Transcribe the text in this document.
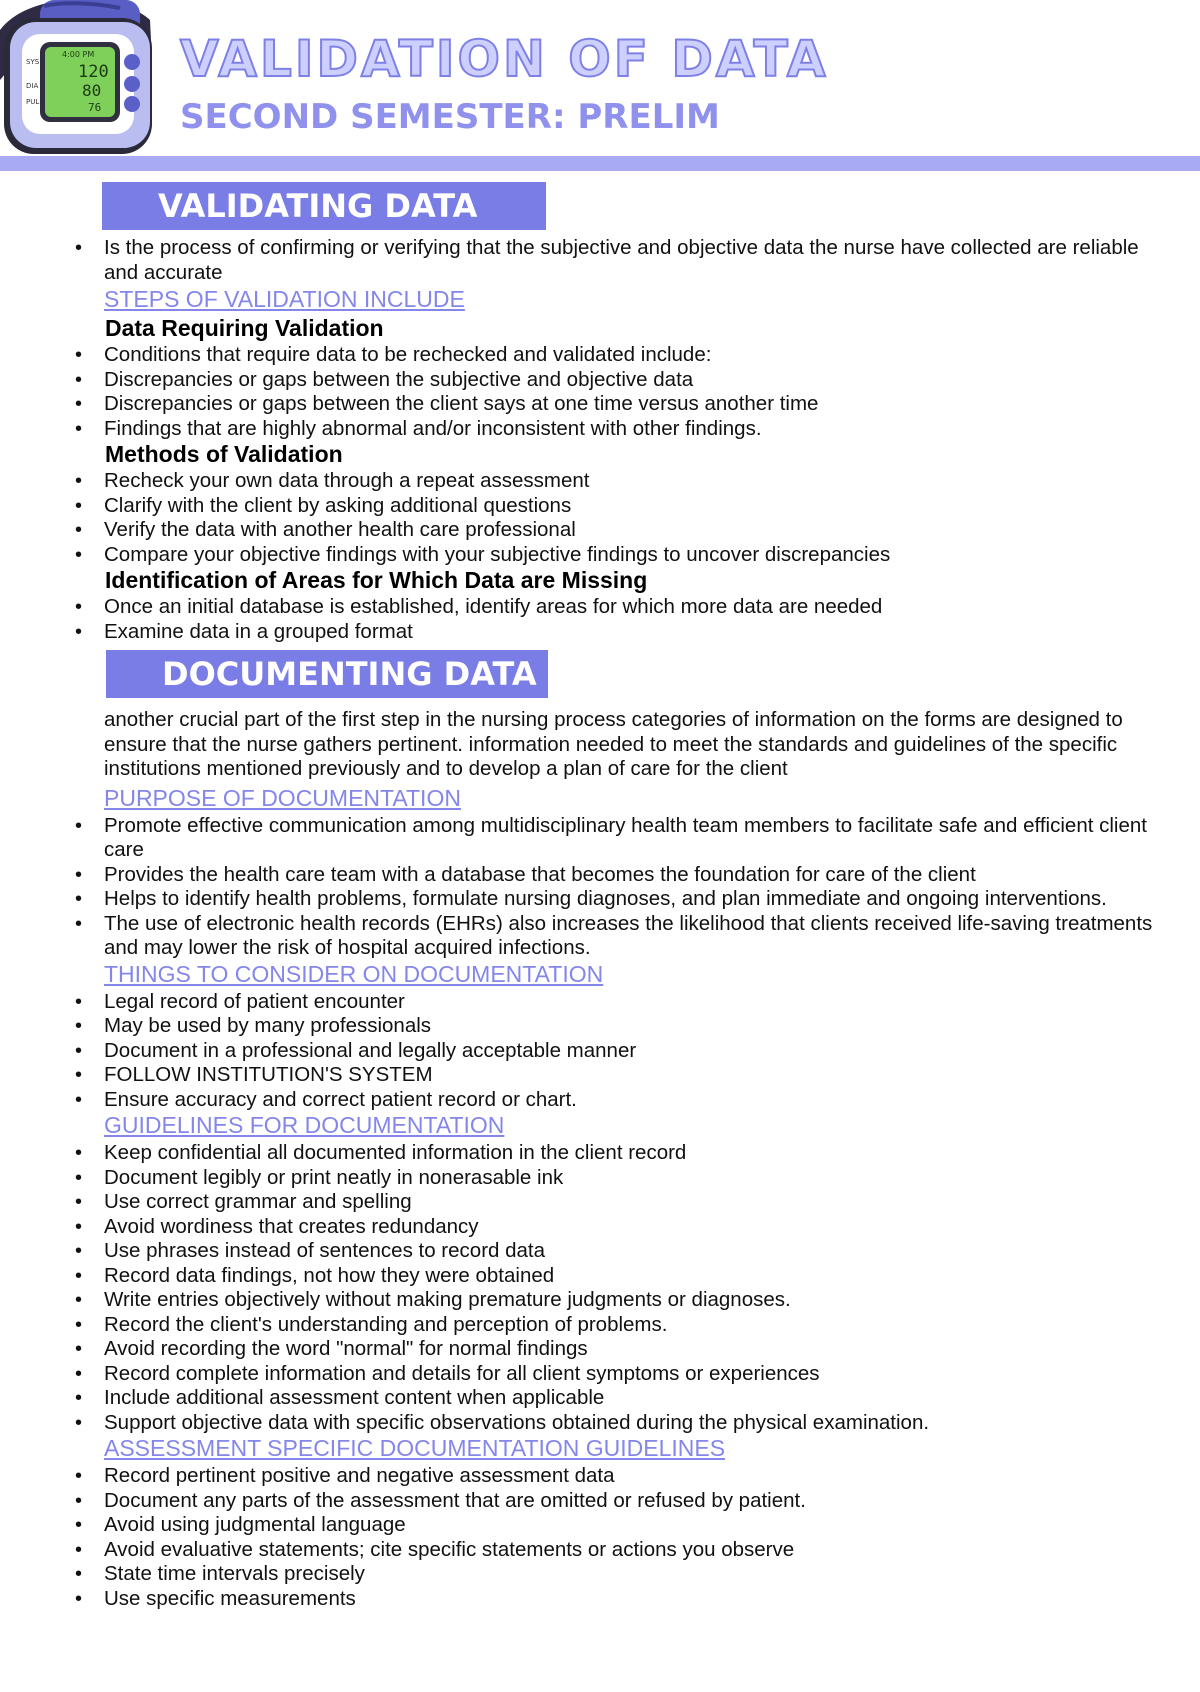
4:00 PM
120
80
76
SYS
DIA
PUL
VALIDATION OF DATA
SECOND SEMESTER: PRELIM
VALIDATING DATA
• Is the process of confirming or verifying that the subjective and objective data the nurse have collected are reliable and accurate
STEPS OF VALIDATION INCLUDE
Data Requiring Validation
• Conditions that require data to be rechecked and validated include:
• Discrepancies or gaps between the subjective and objective data
• Discrepancies or gaps between the client says at one time versus another time
• Findings that are highly abnormal and/or inconsistent with other findings.
Methods of Validation
• Recheck your own data through a repeat assessment
• Clarify with the client by asking additional questions
• Verify the data with another health care professional
• Compare your objective findings with your subjective findings to uncover discrepancies
Identification of Areas for Which Data are Missing
• Once an initial database is established, identify areas for which more data are needed
• Examine data in a grouped format
DOCUMENTING DATA
another crucial part of the first step in the nursing process categories of information on the forms are designed to ensure that the nurse gathers pertinent. information needed to meet the standards and guidelines of the specific institutions mentioned previously and to develop a plan of care for the client
PURPOSE OF DOCUMENTATION
• Promote effective communication among multidisciplinary health team members to facilitate safe and efficient client care
• Provides the health care team with a database that becomes the foundation for care of the client
• Helps to identify health problems, formulate nursing diagnoses, and plan immediate and ongoing interventions.
• The use of electronic health records (EHRs) also increases the likelihood that clients received life-saving treatments and may lower the risk of hospital acquired infections.
THINGS TO CONSIDER ON DOCUMENTATION
• Legal record of patient encounter
• May be used by many professionals
• Document in a professional and legally acceptable manner
• FOLLOW INSTITUTION'S SYSTEM
• Ensure accuracy and correct patient record or chart.
GUIDELINES FOR DOCUMENTATION
• Keep confidential all documented information in the client record
• Document legibly or print neatly in nonerasable ink
• Use correct grammar and spelling
• Avoid wordiness that creates redundancy
• Use phrases instead of sentences to record data
• Record data findings, not how they were obtained
• Write entries objectively without making premature judgments or diagnoses.
• Record the client's understanding and perception of problems.
• Avoid recording the word "normal" for normal findings
• Record complete information and details for all client symptoms or experiences
• Include additional assessment content when applicable
• Support objective data with specific observations obtained during the physical examination.
ASSESSMENT SPECIFIC DOCUMENTATION GUIDELINES
• Record pertinent positive and negative assessment data
• Document any parts of the assessment that are omitted or refused by patient.
• Avoid using judgmental language
• Avoid evaluative statements; cite specific statements or actions you observe
• State time intervals precisely
• Use specific measurements
